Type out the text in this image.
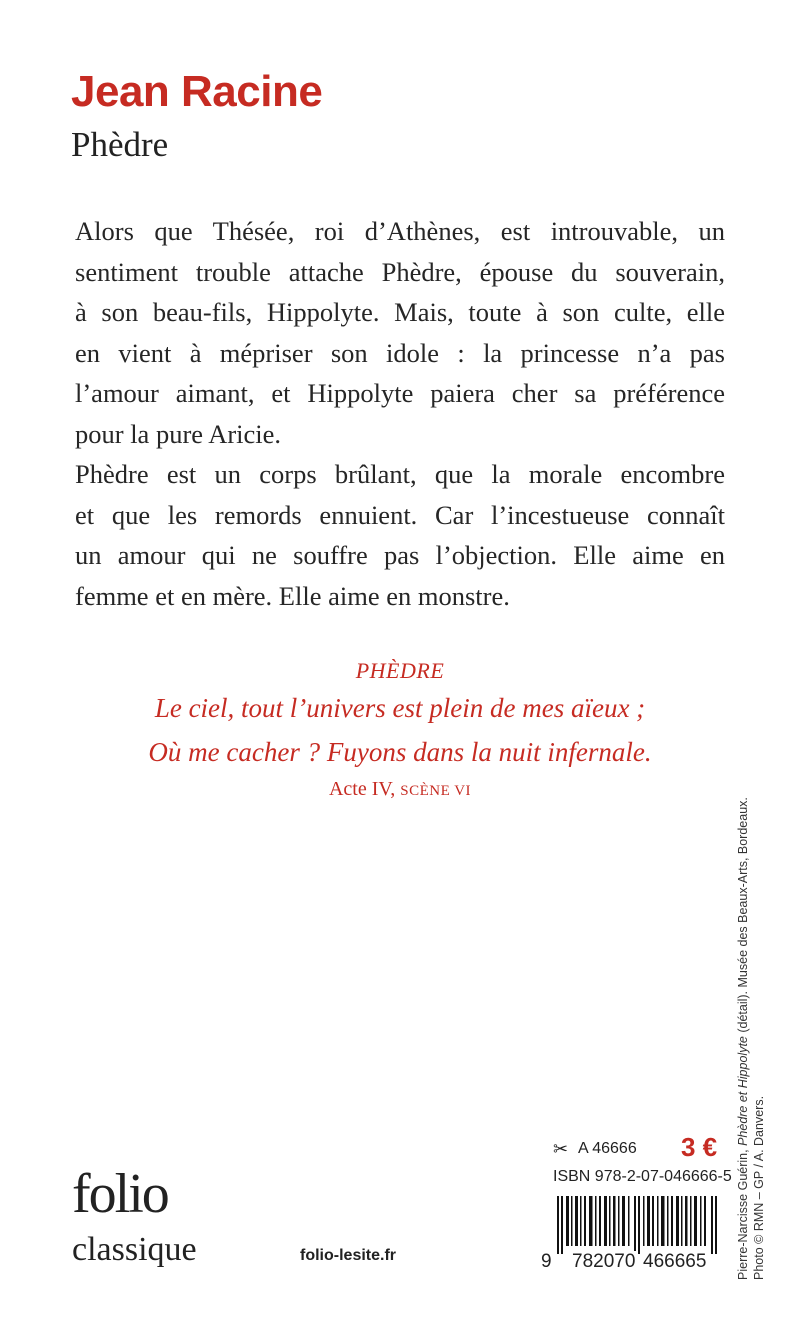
Jean Racine
Phèdre
Alors que Thésée, roi d’Athènes, est introuvable, un
sentiment trouble attache Phèdre, épouse du souverain,
à son beau-fils, Hippolyte. Mais, toute à son culte, elle
en vient à mépriser son idole : la princesse n’a pas
l’amour aimant, et Hippolyte paiera cher sa préférence
pour la pure Aricie.
Phèdre est un corps brûlant, que la morale encombre
et que les remords ennuient. Car l’incestueuse connaît
un amour qui ne souffre pas l’objection. Elle aime en
femme et en mère. Elle aime en monstre.
PHÈDRE
Le ciel, tout l’univers est plein de mes aïeux ;
Où me cacher ? Fuyons dans la nuit infernale.
Acte IV, SCÈNE VI
folio
classique	folio-lesite.fr
✂ A 46666 3 €
ISBN 978-2-07-046666-5
9 782070 466665 Pierre-Narcisse Guérin, Phèdre et Hippolyte (détail). Musée des Beaux-Arts, Bordeaux.
Photo © RMN – GP / A. Danvers.
